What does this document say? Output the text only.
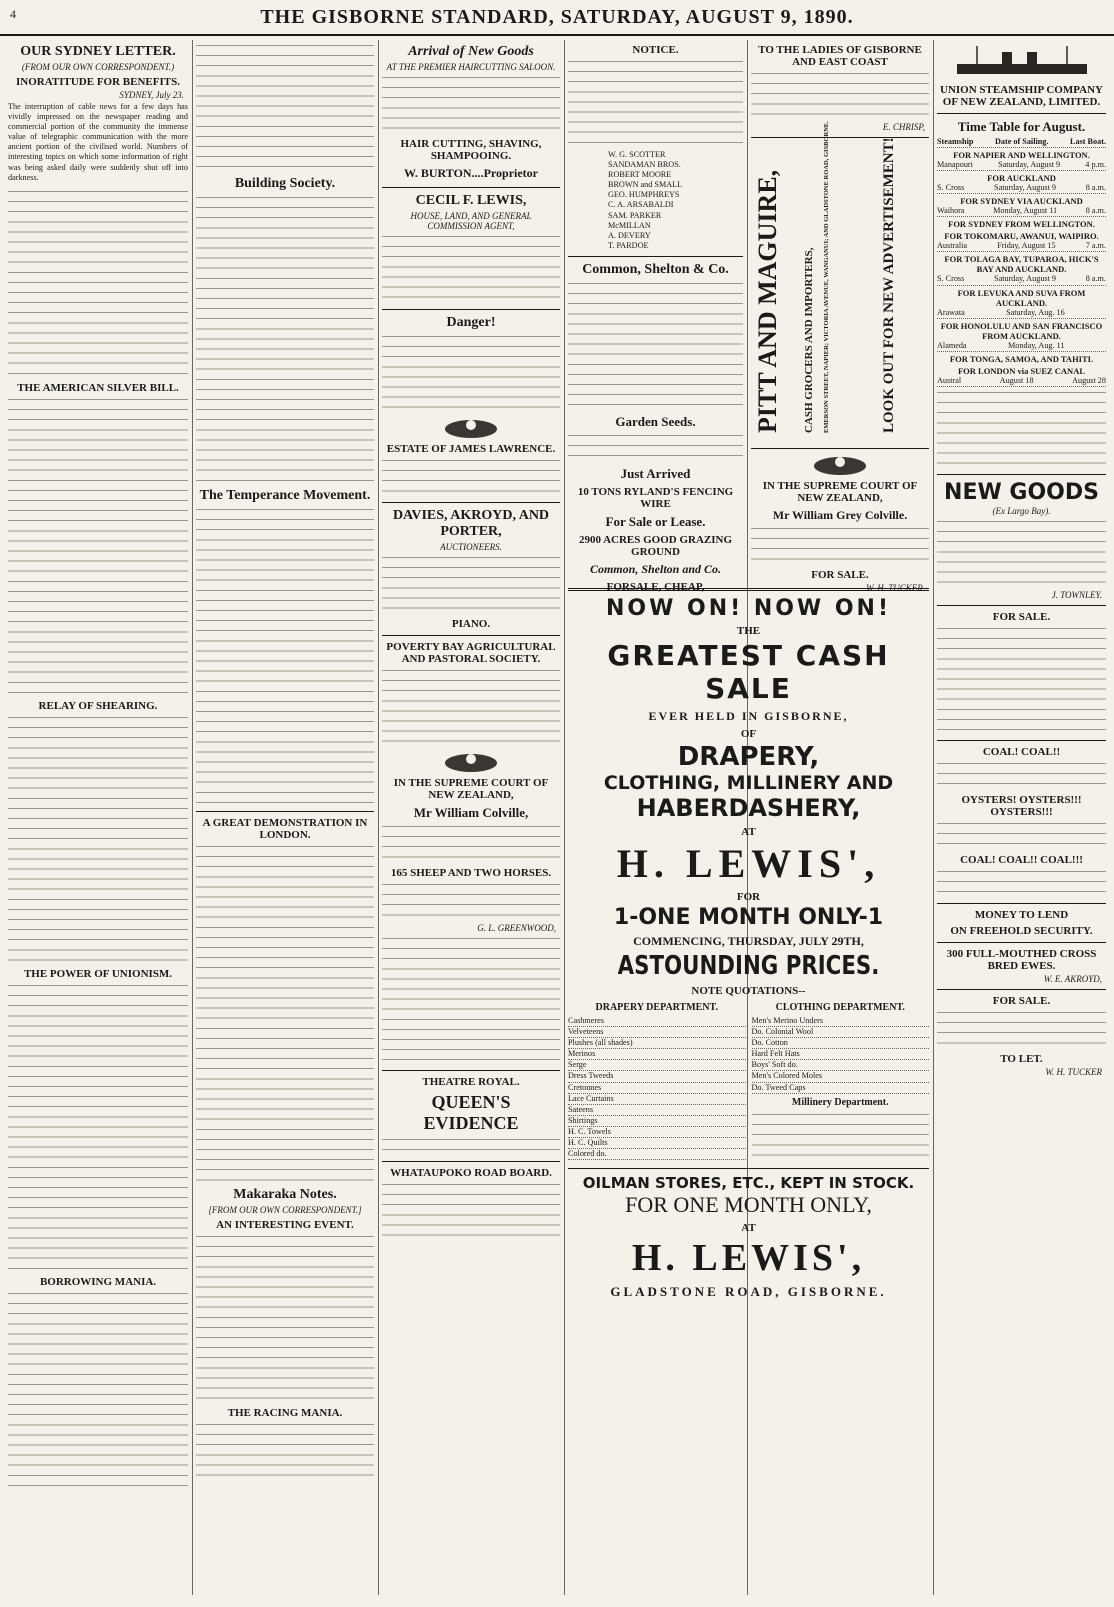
4	THE GISBORNE STANDARD, SATURDAY, AUGUST 9, 1890.
OUR SYDNEY LETTER.
(FROM OUR OWN CORRESPONDENT.)
INORATITUDE FOR BENEFITS.
SYDNEY, July 23.
The interruption of cable news for a few days has vividly impressed on the newspaper reading and commercial portion of the community the immense value of telegraphic communication with the more ancient portion of the civilised world. Numbers of interesting topics on which some information of right was being asked daily were suddenly shut off into darkness.
THE AMERICAN SILVER BILL.
RELAY OF SHEARING.
THE POWER OF UNIONISM.
BORROWING MANIA.
Building Society.
The Temperance Movement.
A GREAT DEMONSTRATION IN LONDON.
Makaraka Notes.
[FROM OUR OWN CORRESPONDENT.]
AN INTERESTING EVENT.
THE RACING MANIA.
Arrival of New Goods
AT THE PREMIER HAIRCUTTING SALOON.
HAIR CUTTING, SHAVING, SHAMPOOING.
W. BURTON....Proprietor
CECIL F. LEWIS,
HOUSE, LAND, AND GENERAL COMMISSION AGENT,
Danger!
ESTATE OF JAMES LAWRENCE.
DAVIES, AKROYD, AND PORTER,
AUCTIONEERS.
PIANO.
POVERTY BAY AGRICULTURAL AND PASTORAL SOCIETY.
IN THE SUPREME COURT OF NEW ZEALAND,
Mr William Colville,
165 SHEEP AND TWO HORSES.
G. L. GREENWOOD,
THEATRE ROYAL.
QUEEN'S EVIDENCE
WHATAUPOKO ROAD BOARD.
NOTICE.
W. G. SCOTTER
SANDAMAN BROS.
ROBERT MOORE
BROWN and SMALL
GEO. HUMPHREYS
C. A. ARSABALDI
SAM. PARKER
McMILLAN
A. DEVERY
T. PARDOE
Common, Shelton & Co.
Garden Seeds.
Just Arrived
10 TONS RYLAND'S FENCING WIRE
For Sale or Lease.
2900 ACRES GOOD GRAZING GROUND
Common, Shelton and Co.
FORSALE, CHEAP,
TO THE LADIES OF GISBORNE AND EAST COAST
E. CHRISP,
PITT AND MAGUIRE, CASH GROCERS AND IMPORTERS, EMERSON STREET, NAPIER; VICTORIA AVENUE, WANGANUI; AND GLADSTONE ROAD, GISBORNE.	LOOK OUT FOR NEW ADVERTISEMENT!
IN THE SUPREME COURT OF NEW ZEALAND,
Mr William Grey Colville.
FOR SALE.
W. H. TUCKER.
NOW ON! NOW ON!
THE
GREATEST CASH SALE
EVER HELD IN GISBORNE,
OF
DRAPERY,
CLOTHING, MILLINERY AND
HABERDASHERY,
AT
H. LEWIS',
FOR
1-ONE MONTH ONLY-1
COMMENCING, THURSDAY, JULY 29TH,
ASTOUNDING PRICES.
NOTE QUOTATIONS--
DRAPERY DEPARTMENT.
Cashmeres
Velveteens
Plushes (all shades)
Merinos
Serge
Dress Tweeds
Cretonnes
Lace Curtains
Sateens
Shirtings
H. C. Towels
H. C. Quilts
Colored do.
CLOTHING DEPARTMENT.
Men's Merino Unders
Do. Colonial Wool
Do. Cotton
Hard Felt Hats
Boys' Soft do.
Men's Colored Moles
Do. Tweed Caps
Millinery Department.
OILMAN STORES, ETC., KEPT IN STOCK.
FOR ONE MONTH ONLY,
AT
H. LEWIS',
GLADSTONE ROAD, GISBORNE.
UNION STEAMSHIP COMPANY OF NEW ZEALAND, LIMITED.
Time Table for August.
Steamship	Date of Sailing.	Last Boat.
FOR NAPIER AND WELLINGTON.
Manapouri	Saturday, August 9	4 p.m.
FOR AUCKLAND
S. Cross	Saturday, August 9	8 a.m.
FOR SYDNEY VIA AUCKLAND
Waihora	Monday, August 11	8 a.m.
FOR SYDNEY FROM WELLINGTON.
FOR TOKOMARU, AWANUI, WAIPIRO.
Australia	Friday, August 15	7 a.m.
FOR TOLAGA BAY, TUPAROA, HICK'S BAY AND AUCKLAND.
S. Cross	Saturday, August 9	8 a.m.
FOR LEVUKA AND SUVA FROM AUCKLAND.
Arawata	Saturday, Aug. 16
FOR HONOLULU AND SAN FRANCISCO FROM AUCKLAND.
Alameda	Monday, Aug. 11
FOR TONGA, SAMOA, AND TAHITI.
FOR LONDON via SUEZ CANAL
Austral	August 18	August 28
NEW GOODS
(Ex Largo Bay).
J. TOWNLEY.
FOR SALE.
COAL! COAL!!
OYSTERS! OYSTERS!!! OYSTERS!!!
COAL! COAL!! COAL!!!
MONEY TO LEND
ON FREEHOLD SECURITY.
300 FULL-MOUTHED CROSS BRED EWES.
W. E. AKROYD,
FOR SALE.
TO LET.
W. H. TUCKER
